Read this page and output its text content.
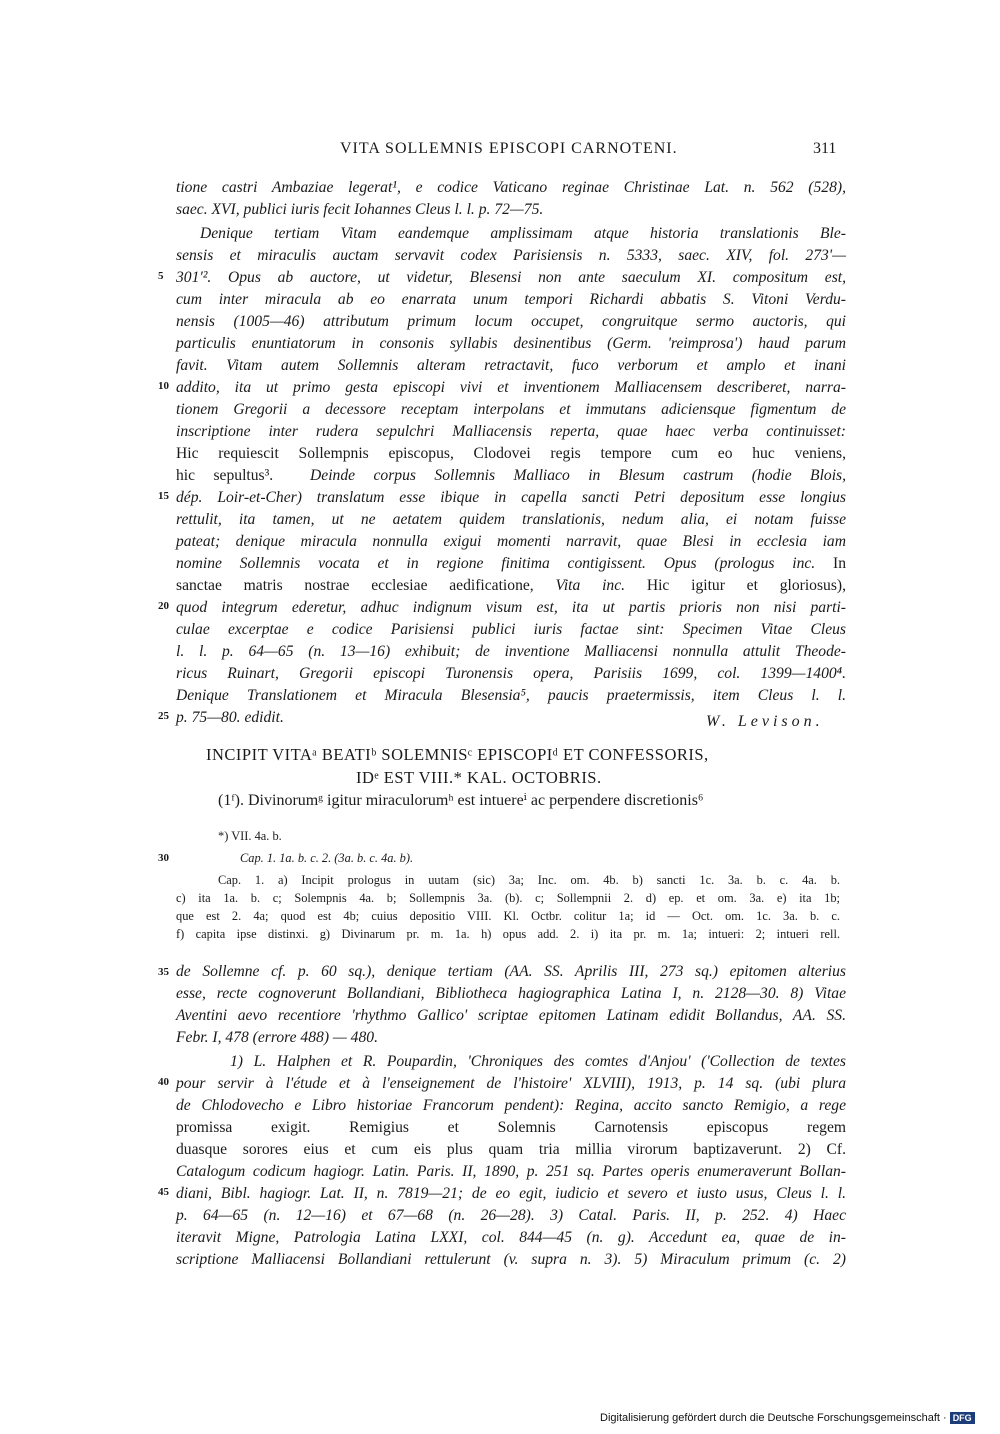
VITA SOLLEMNIS EPISCOPI CARNOTENI.	311
tione castri Ambaziae legerat¹, e codice Vaticano reginae Christinae Lat. n. 562 (528),
saec. XVI, publici iuris fecit Iohannes Cleus l. l. p. 72—75.
Denique tertiam Vitam eandemque amplissimam atque historia translationis Ble-
sensis et miraculis auctam servavit codex Parisiensis n. 5333, saec. XIV, fol. 273'—
5 301'². Opus ab auctore, ut videtur, Blesensi non ante saeculum XI. compositum est,
cum inter miracula ab eo enarrata unum tempori Richardi abbatis S. Vitoni Verdu-
nensis (1005—46) attributum primum locum occupet, congruitque sermo auctoris, qui
particulis enuntiatorum in consonis syllabis desinentibus (Germ. 'reimprosa') haud parum
favit. Vitam autem Sollemnis alteram retractavit, fuco verborum et amplo et inani
10 addito, ita ut primo gesta episcopi vivi et inventionem Malliacensem describeret, narra-
tionem Gregorii a decessore receptam interpolans et immutans adiciensque figmentum de
inscriptione inter rudera sepulchri Malliacensis reperta, quae haec verba continuisset:
Hic requiescit Sollempnis episcopus, Clodovei regis tempore cum eo huc veniens,
hic sepultus³. Deinde corpus Sollemnis Malliaco in Blesum castrum (hodie Blois,
15 dép. Loir-et-Cher) translatum esse ibique in capella sancti Petri depositum esse longius
rettulit, ita tamen, ut ne aetatem quidem translationis, nedum alia, ei notam fuisse
pateat; denique miracula nonnulla exigui momenti narravit, quae Blesi in ecclesia iam
nomine Sollemnis vocata et in regione finitima contigissent. Opus (prologus inc. In
sanctae matris nostrae ecclesiae aedificatione, Vita inc. Hic igitur et gloriosus),
20 quod integrum ederetur, adhuc indignum visum est, ita ut partis prioris non nisi parti-
culae excerptae e codice Parisiensi publici iuris factae sint: Specimen Vitae Cleus
l. l. p. 64—65 (n. 13—16) exhibuit; de inventione Malliacensi nonnulla attulit Theode-
ricus Ruinart, Gregorii episcopi Turonensis opera, Parisiis 1699, col. 1399—1400⁴.
Denique Translationem et Miracula Blesensia⁵, paucis praetermissis, item Cleus l. l.
25 p. 75—80. edidit.	W. Levison.
INCIPIT VITAᵃ BEATIᵇ SOLEMNISᶜ EPISCOPIᵈ ET CONFESSORIS,
IDᵉ EST VIII.* KAL. OCTOBRIS.
(1ᶠ). Divinorumᵍ igitur miraculorumʰ est intuereⁱ ac perpendere discretionis⁶
*) VII. 4a. b.
30	Cap. 1. 1a. b. c. 2. (3a. b. c. 4a. b).
Cap. 1. a) Incipit prologus in uutam (sic) 3a; Inc. om. 4b. b) sancti 1c. 3a. b. c. 4a. b.
c) ita 1a. b. c; Solempnis 4a. b; Sollempnis 3a. (b). c; Sollempnii 2. d) ep. et om. 3a. e) ita 1b;
que est 2. 4a; quod est 4b; cuius depositio VIII. Kl. Octbr. colitur 1a; id — Oct. om. 1c. 3a. b. c.
f) capita ipse distinxi. g) Divinarum pr. m. 1a. h) opus add. 2. i) ita pr. m. 1a; intueri: 2; intueri rell.
35 de Sollemne cf. p. 60 sq.), denique tertiam (AA. SS. Aprilis III, 273 sq.) epitomen alterius
esse, recte cognoverunt Bollandiani, Bibliotheca hagiographica Latina I, n. 2128—30. 8) Vitae
Aventini aevo recentiore 'rhythmo Gallico' scriptae epitomen Latinam edidit Bollandus, AA. SS.
Febr. I, 478 (errore 488) — 480.
1) L. Halphen et R. Poupardin, 'Chroniques des comtes d'Anjou' ('Collection de textes
40 pour servir à l'étude et à l'enseignement de l'histoire' XLVIII), 1913, p. 14 sq. (ubi plura
de Chlodovecho e Libro historiae Francorum pendent): Regina, accito sancto Remigio, a rege
promissa exigit. Remigius et Solemnis Carnotensis episcopus regem
duasque sorores eius et cum eis plus quam tria millia virorum baptizaverunt. 2) Cf.
Catalogum codicum hagiogr. Latin. Paris. II, 1890, p. 251 sq. Partes operis enumeraverunt Bollan-
45 diani, Bibl. hagiogr. Lat. II, n. 7819—21; de eo egit, iudicio et severo et iusto usus, Cleus l. l.
p. 64—65 (n. 12—16) et 67—68 (n. 26—28). 3) Catal. Paris. II, p. 252. 4) Haec
iteravit Migne, Patrologia Latina LXXI, col. 844—45 (n. g). Accedunt ea, quae de in-
scriptione Malliacensi Bollandiani rettulerunt (v. supra n. 3). 5) Miraculum primum (c. 2)
Digitalisierung gefördert durch die Deutsche Forschungsgemeinschaft · DFG
